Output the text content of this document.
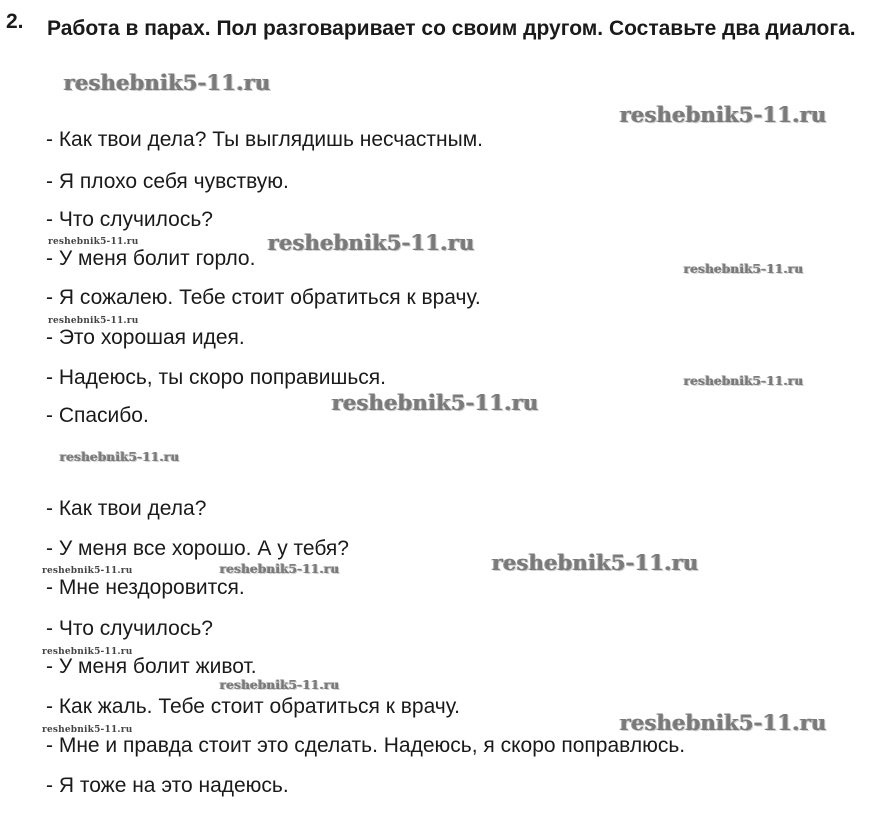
2. Работа в парах. Пол разговаривает со своим другом. Составьте два диалога.

- Как твои дела? Ты выглядишь несчастным.
- Я плохо себя чувствую.
- Что случилось?
- У меня болит горло.
- Я сожалею. Тебе стоит обратиться к врачу.
- Это хорошая идея.
- Надеюсь, ты скоро поправишься.
- Спасибо.
- Как твои дела?
- У меня все хорошо. А у тебя?
- Мне нездоровится.
- Что случилось?
- У меня болит живот.
- Как жаль. Тебе стоит обратиться к врачу.
- Мне и правда стоит это сделать. Надеюсь, я скоро поправлюсь.
- Я тоже на это надеюсь.
reshebnik5-11.ru
reshebnik5-11.ru
reshebnik5-11.ru
reshebnik5-11.ru
reshebnik5-11.ru
reshebnik5-11.ru
reshebnik5-11.ru
reshebnik5-11.ru
reshebnik5-11.ru
reshebnik5-11.ru
reshebnik5-11.ru	reshebnik5-11.ru
reshebnik5-11.ru
reshebnik5-11.ru
reshebnik5-11.ru
reshebnik5-11.ru
